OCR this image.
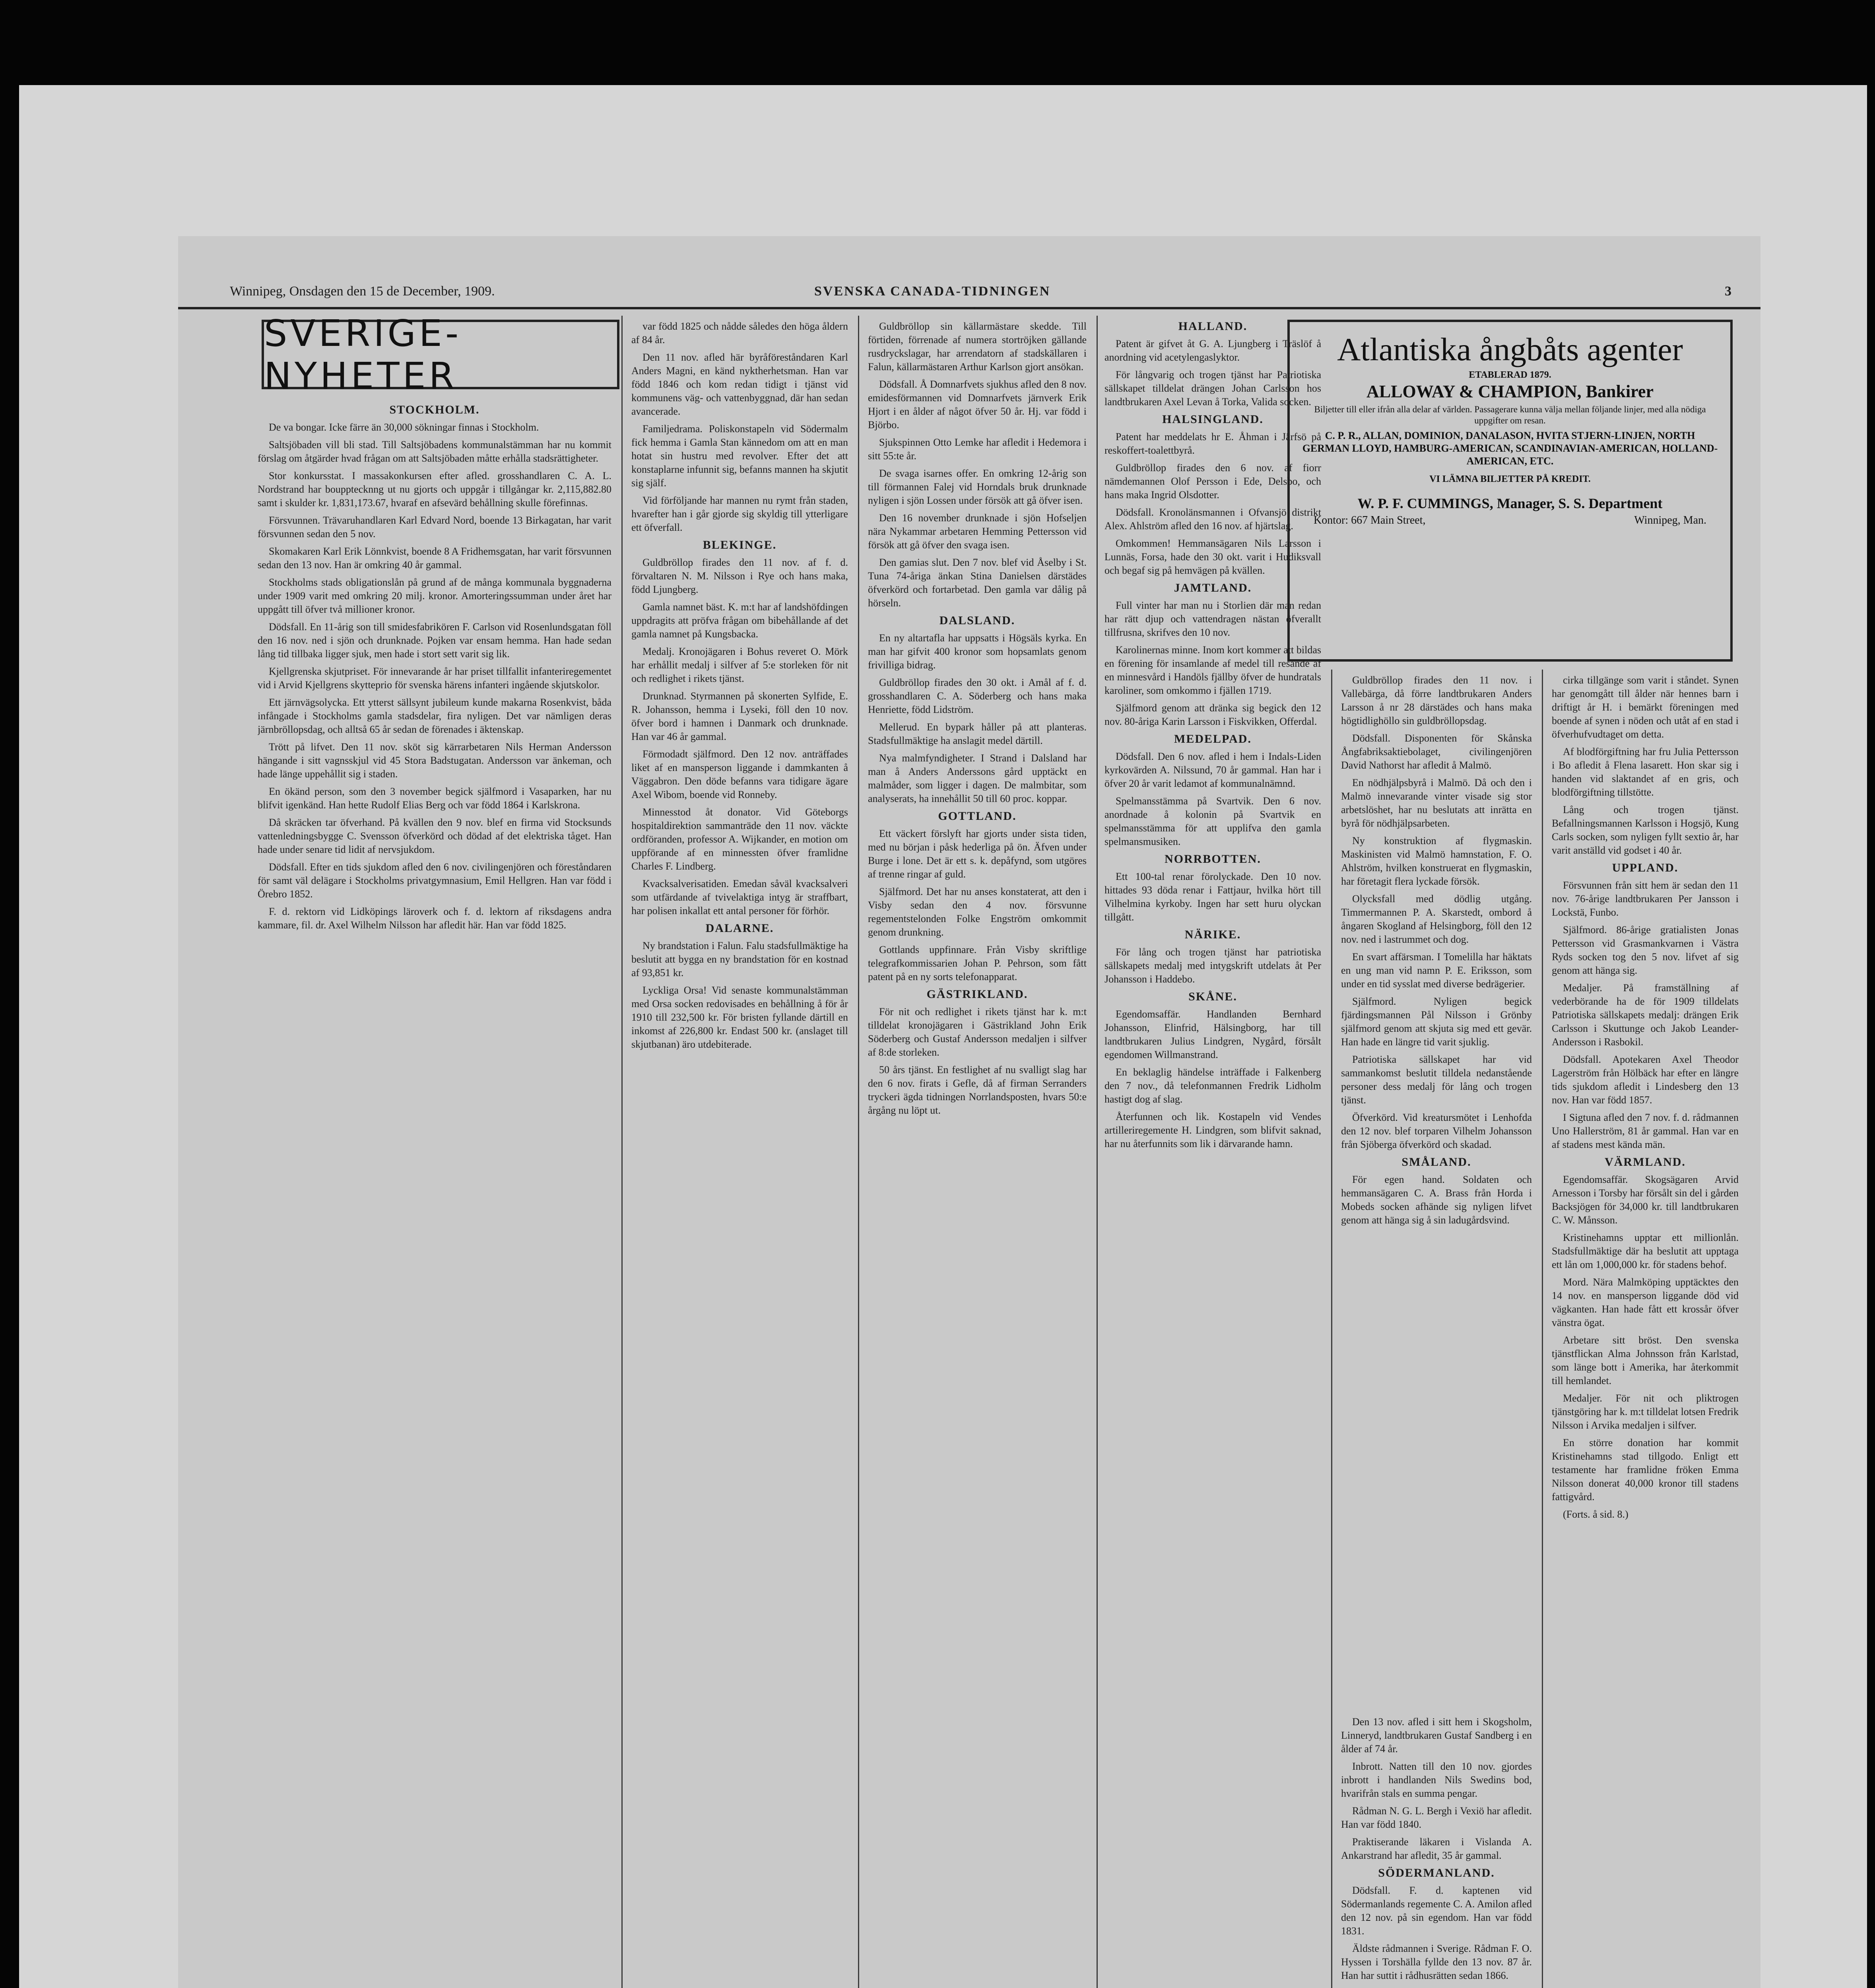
Winnipeg, Onsdagen den 15 de December, 1909.	SVENSKA CANADA-TIDNINGEN	3
SVERIGE-NYHETER
Atlantiska ångbåts agenter
ETABLERAD 1879.
ALLOWAY & CHAMPION, Bankirer
Biljetter till eller ifrån alla delar af världen. Passagerare kunna välja mellan följande linjer, med alla nödiga uppgifter om resan.
C. P. R., ALLAN, DOMINION, DANALASON, HVITA STJERN-LINJEN, NORTH GERMAN LLOYD, HAMBURG-AMERICAN, SCANDINAVIAN-AMERICAN, HOLLAND-AMERICAN, ETC.
VI LÄMNA BILJETTER PÅ KREDIT.
W. P. F. CUMMINGS, Manager, S. S. Department
Kontor: 667 Main Street,	Winnipeg, Man.

STOCKHOLM.

De va bongar. Icke färre än 30,000 sökningar finnas i Stockholm.

Saltsjöbaden vill bli stad. Till Saltsjöbadens kommunalstämman har nu kommit förslag om åtgärder hvad frågan om att Saltsjöbaden måtte erhålla stadsrättigheter.

Stor konkursstat. I massakonkursen efter afled. grosshandlaren C. A. L. Nordstrand har boupptecknng ut nu gjorts och uppgår i tillgångar kr. 2,115,882.80 samt i skulder kr. 1,831,173.67, hvaraf en afsevärd behållning skulle förefinnas.

Försvunnen. Trävaruhandlaren Karl Edvard Nord, boende 13 Birkagatan, har varit försvunnen sedan den 5 nov.

Skomakaren Karl Erik Lönnkvist, boende 8 A Fridhemsgatan, har varit försvunnen sedan den 13 nov. Han är omkring 40 år gammal.

Stockholms stads obligationslån på grund af de många kommunala byggnaderna under 1909 varit med omkring 20 milj. kronor. Amorteringssumman under året har uppgått till öfver två millioner kronor.

Dödsfall. En 11-årig son till smidesfabrikören F. Carlson vid Rosenlundsgatan föll den 16 nov. ned i sjön och drunknade. Pojken var ensam hemma. Han hade sedan lång tid tillbaka ligger sjuk, men hade i stort sett varit sig lik.

Kjellgrenska skjutpriset. För innevarande år har priset tillfallit infanteriregementet vid i Arvid Kjellgrens skytteprio för svenska härens infanteri ingående skjutskolor.

Ett järnvägsolycka. Ett ytterst sällsynt jubileum kunde makarna Rosenkvist, båda infångade i Stockholms gamla stadsdelar, fira nyligen. Det var nämligen deras järnbröllopsdag, och alltså 65 år sedan de förenades i äktenskap.

Trött på lifvet. Den 11 nov. sköt sig kärrarbetaren Nils Herman Andersson hängande i sitt vagnsskjul vid 45 Stora Badstugatan. Andersson var änkeman, och hade länge uppehållit sig i staden.

En ökänd person, som den 3 november begick själfmord i Vasaparken, har nu blifvit igenkänd. Han hette Rudolf Elias Berg och var född 1864 i Karlskrona.

Då skräcken tar öfverhand. På kvällen den 9 nov. blef en firma vid Stocksunds vattenledningsbygge C. Svensson öfverkörd och dödad af det elektriska tåget. Han hade under senare tid lidit af nervsjukdom.

Dödsfall. Efter en tids sjukdom afled den 6 nov. civilingenjören och föreståndaren för samt väl delägare i Stockholms privatgymnasium, Emil Hellgren. Han var född i Örebro 1852.

F. d. rektorn vid Lidköpings läroverk och f. d. lektorn af riksdagens andra kammare, fil. dr. Axel Wilhelm Nilsson har afledit här. Han var född 1825.

var född 1825 och nådde således den höga åldern af 84 år.

Den 11 nov. afled här byråföreståndaren Karl Anders Magni, en känd nyktherhetsman. Han var född 1846 och kom redan tidigt i tjänst vid kommunens väg- och vattenbyggnad, där han sedan avancerade.

Familjedrama. Poliskonstapeln vid Södermalm fick hemma i Gamla Stan kännedom om att en man hotat sin hustru med revolver. Efter det att konstaplarne infunnit sig, befanns mannen ha skjutit sig själf.

Vid förföljande har mannen nu rymt från staden, hvarefter han i går gjorde sig skyldig till ytterligare ett öfverfall.

BLEKINGE.

Guldbröllop firades den 11 nov. af f. d. förvaltaren N. M. Nilsson i Rye och hans maka, född Ljungberg.

Gamla namnet bäst. K. m:t har af landshöfdingen uppdragits att pröfva frågan om bibehållande af det gamla namnet på Kungsbacka.

Medalj. Kronojägaren i Bohus reveret O. Mörk har erhållit medalj i silfver af 5:e storleken för nit och redlighet i rikets tjänst.

Drunknad. Styrmannen på skonerten Sylfide, E. R. Johansson, hemma i Lyseki, föll den 10 nov. öfver bord i hamnen i Danmark och drunknade. Han var 46 år gammal.

Förmodadt själfmord. Den 12 nov. anträffades liket af en mansperson liggande i dammkanten å Väggabron. Den döde befanns vara tidigare ägare Axel Wibom, boende vid Ronneby.

Minnesstod åt donator. Vid Göteborgs hospitaldirektion sammanträde den 11 nov. väckte ordföranden, professor A. Wijkander, en motion om uppförande af en minnessten öfver framlidne Charles F. Lindberg.

Kvacksalverisatiden. Emedan såväl kvacksalveri som utfärdande af tvivelaktiga intyg är straffbart, har polisen inkallat ett antal personer för förhör.

DALARNE.

Ny brandstation i Falun. Falu stadsfullmäktige ha beslutit att bygga en ny brandstation för en kostnad af 93,851 kr.

Lyckliga Orsa! Vid senaste kommunalstämman med Orsa socken redovisades en behållning å för år 1910 till 232,500 kr. För bristen fyllande därtill en inkomst af 226,800 kr. Endast 500 kr. (anslaget till skjutbanan) äro utdebiterade.

Guldbröllop sin källarmästare skedde. Till förtiden, förrenade af numera stortröjken gällande rusdryckslagar, har arrendatorn af stadskällaren i Falun, källarmästaren Arthur Karlson gjort ansökan.

Dödsfall. Å Domnarfvets sjukhus afled den 8 nov. emidesförmannen vid Domnarfvets järnverk Erik Hjort i en ålder af något öfver 50 år. Hj. var född i Björbo.

Sjukspinnen Otto Lemke har afledit i Hedemora i sitt 55:te år.

De svaga isarnes offer. En omkring 12-årig son till förmannen Falej vid Horndals bruk drunknade nyligen i sjön Lossen under försök att gå öfver isen.

Den 16 november drunknade i sjön Hofseljen nära Nykammar arbetaren Hemming Pettersson vid försök att gå öfver den svaga isen.

Den gamias slut. Den 7 nov. blef vid Åselby i St. Tuna 74-åriga änkan Stina Danielsen därstädes öfverkörd och fortarbetad. Den gamla var dålig på hörseln.

DALSLAND.

En ny altartafla har uppsatts i Högsäls kyrka. En man har gifvit 400 kronor som hopsamlats genom frivilliga bidrag.

Guldbröllop firades den 30 okt. i Amål af f. d. grosshandlaren C. A. Söderberg och hans maka Henriette, född Lidström.

Mellerud. En bypark håller på att planteras. Stadsfullmäktige ha anslagit medel därtill.

Nya malmfyndigheter. I Strand i Dalsland har man å Anders Anderssons gård upptäckt en malmåder, som ligger i dagen. De malmbitar, som analyserats, ha innehållit 50 till 60 proc. koppar.

GOTTLAND.

Ett väckert förslyft har gjorts under sista tiden, med nu början i påsk hederliga på ön. Äfven under Burge i lone. Det är ett s. k. depåfynd, som utgöres af trenne ringar af guld.

Själfmord. Det har nu anses konstaterat, att den i Visby sedan den 4 nov. försvunne regementstelonden Folke Engström omkommit genom drunkning.

Gottlands uppfinnare. Från Visby skriftlige telegrafkommissarien Johan P. Pehrson, som fått patent på en ny sorts telefonapparat.

GÄSTRIKLAND.

För nit och redlighet i rikets tjänst har k. m:t tilldelat kronojägaren i Gästrikland John Erik Söderberg och Gustaf Andersson medaljen i silfver af 8:de storleken.

50 års tjänst. En festlighet af nu svalligt slag har den 6 nov. firats i Gefle, då af firman Serranders tryckeri ägda tidningen Norrlandsposten, hvars 50:e årgång nu löpt ut.

HALLAND.

Patent är gifvet åt G. A. Ljungberg i Träslöf å anordning vid acetylengaslyktor.

För långvarig och trogen tjänst har Patriotiska sällskapet tilldelat drängen Johan Carlsson hos landtbrukaren Axel Levan å Torka, Valida socken.

HALSINGLAND.

Patent har meddelats hr E. Åhman i Järfsö på reskoffert-toalettbyrå.

Guldbröllop firades den 6 nov. af fiorr nämdemannen Olof Persson i Ede, Delsbo, och hans maka Ingrid Olsdotter.

Dödsfall. Kronolänsmannen i Ofvansjö distrikt Alex. Ahlström afled den 16 nov. af hjärtslag.

Omkommen! Hemmansägaren Nils Larsson i Lunnäs, Forsa, hade den 30 okt. varit i Hudiksvall och begaf sig på hemvägen på kvällen.

JAMTLAND.

Full vinter har man nu i Storlien där man redan har rätt djup och vattendragen nästan öfverallt tillfrusna, skrifves den 10 nov.

Karolinernas minne. Inom kort kommer att bildas en förening för insamlande af medel till resande af en minnesvård i Handöls fjällby öfver de hundratals karoliner, som omkommo i fjällen 1719.

Själfmord genom att dränka sig begick den 12 nov. 80-åriga Karin Larsson i Fiskvikken, Offerdal.

MEDELPAD.

Dödsfall. Den 6 nov. afled i hem i Indals-Liden kyrkovärden A. Nilssund, 70 år gammal. Han har i öfver 20 år varit ledamot af kommunalnämnd.

Spelmansstämma på Svartvik. Den 6 nov. anordnade å kolonin på Svartvik en spelmansstämma för att upplifva den gamla spelmansmusiken.

NORRBOTTEN.

Ett 100-tal renar förolyckade. Den 10 nov. hittades 93 döda renar i Fattjaur, hvilka hört till Vilhelmina kyrkoby. Ingen har sett huru olyckan tillgått.

NÄRIKE.

För lång och trogen tjänst har patriotiska sällskapets medalj med intygskrift utdelats åt Per Johansson i Haddebo.

SKÅNE.

Egendomsaffär. Handlanden Bernhard Johansson, Elinfrid, Hälsingborg, har till landtbrukaren Julius Lindgren, Nygård, försålt egendomen Willmanstrand.

En beklaglig händelse inträffade i Falkenberg den 7 nov., då telefonmannen Fredrik Lidholm hastigt dog af slag.

Återfunnen och lik. Kostapeln vid Vendes artilleriregemente H. Lindgren, som blifvit saknad, har nu återfunnits som lik i därvarande hamn.

Guldbröllop firades den 11 nov. i Vallebärga, då förre landtbrukaren Anders Larsson å nr 28 därstädes och hans maka högtidlighöllo sin guldbröllopsdag.

Dödsfall. Disponenten för Skånska Ångfabriksaktiebolaget, civilingenjören David Nathorst har afledit å Malmö.

En nödhjälpsbyrå i Malmö. Då och den i Malmö innevarande vinter visade sig stor arbetslöshet, har nu beslutats att inrätta en byrå för nödhjälpsarbeten.

Ny konstruktion af flygmaskin. Maskinisten vid Malmö hamnstation, F. O. Ahlström, hvilken konstruerat en flygmaskin, har företagit flera lyckade försök.

Olycksfall med dödlig utgång. Timmermannen P. A. Skarstedt, ombord å ångaren Skogland af Helsingborg, föll den 12 nov. ned i lastrummet och dog.

En svart affärsman. I Tomelilla har häktats en ung man vid namn P. E. Eriksson, som under en tid sysslat med diverse bedrägerier.

Själfmord. Nyligen begick fjärdingsmannen Pål Nilsson i Grönby själfmord genom att skjuta sig med ett gevär. Han hade en längre tid varit sjuklig.

Patriotiska sällskapet har vid sammankomst beslutit tilldela nedanstående personer dess medalj för lång och trogen tjänst.

Öfverkörd. Vid kreatursmötet i Lenhofda den 12 nov. blef torparen Vilhelm Johansson från Sjöberga öfverkörd och skadad.

SMÅLAND.

För egen hand. Soldaten och hemmansägaren C. A. Brass från Horda i Mobeds socken afhände sig nyligen lifvet genom att hänga sig å sin ladugårdsvind.

Den 13 nov. afled i sitt hem i Skogsholm, Linneryd, landtbrukaren Gustaf Sandberg i en ålder af 74 år.

Inbrott. Natten till den 10 nov. gjordes inbrott i handlanden Nils Swedins bod, hvarifrån stals en summa pengar.

Rådman N. G. L. Bergh i Vexiö har afledit. Han var född 1840.

Praktiserande läkaren i Vislanda A. Ankarstrand har afledit, 35 år gammal.

SÖDERMANLAND.

Dödsfall. F. d. kaptenen vid Södermanlands regemente C. A. Amilon afled den 12 nov. på sin egendom. Han var född 1831.

Äldste rådmannen i Sverige. Rådman F. O. Hyssen i Torshälla fyllde den 13 nov. 87 år. Han har suttit i rådhusrätten sedan 1866.

cirka tillgänge som varit i ståndet. Synen har genomgått till ålder när hennes barn i driftigt år H. i bemärkt föreningen med boende af synen i nöden och utåt af en stad i öfverhufvudtaget om detta.

Af blodförgiftning har fru Julia Pettersson i Bo afledit å Flena lasarett. Hon skar sig i handen vid slaktandet af en gris, och blodförgiftning tillstötte.

Lång och trogen tjänst. Befallningsmannen Karlsson i Hogsjö, Kung Carls socken, som nyligen fyllt sextio år, har varit anställd vid godset i 40 år.

UPPLAND.

Försvunnen från sitt hem är sedan den 11 nov. 76-årige landtbrukaren Per Jansson i Lockstä, Funbo.

Själfmord. 86-årige gratialisten Jonas Pettersson vid Grasmankvarnen i Västra Ryds socken tog den 5 nov. lifvet af sig genom att hänga sig.

Medaljer. På framställning af vederbörande ha de för 1909 tilldelats Patriotiska sällskapets medalj: drängen Erik Carlsson i Skuttunge och Jakob Leander-Andersson i Rasbokil.

Dödsfall. Apotekaren Axel Theodor Lagerström från Hölbäck har efter en längre tids sjukdom afledit i Lindesberg den 13 nov. Han var född 1857.

I Sigtuna afled den 7 nov. f. d. rådmannen Uno Hallerström, 81 år gammal. Han var en af stadens mest kända män.

VÄRMLAND.

Egendomsaffär. Skogsägaren Arvid Arnesson i Torsby har försålt sin del i gården Backsjögen för 34,000 kr. till landtbrukaren C. W. Månsson.

Kristinehamns upptar ett millionlån. Stadsfullmäktige där ha beslutit att upptaga ett lån om 1,000,000 kr. för stadens behof.

Mord. Nära Malmköping upptäcktes den 14 nov. en mansperson liggande död vid vägkanten. Han hade fått ett krossår öfver vänstra ögat.

Arbetare sitt bröst. Den svenska tjänstflickan Alma Johnsson från Karlstad, som länge bott i Amerika, har återkommit till hemlandet.

Medaljer. För nit och pliktrogen tjänstgöring har k. m:t tilldelat lotsen Fredrik Nilsson i Arvika medaljen i silfver.

En större donation har kommit Kristinehamns stad tillgodo. Enligt ett testamente har framlidne fröken Emma Nilsson donerat 40,000 kronor till stadens fattigvård.

(Forts. å sid. 8.)
